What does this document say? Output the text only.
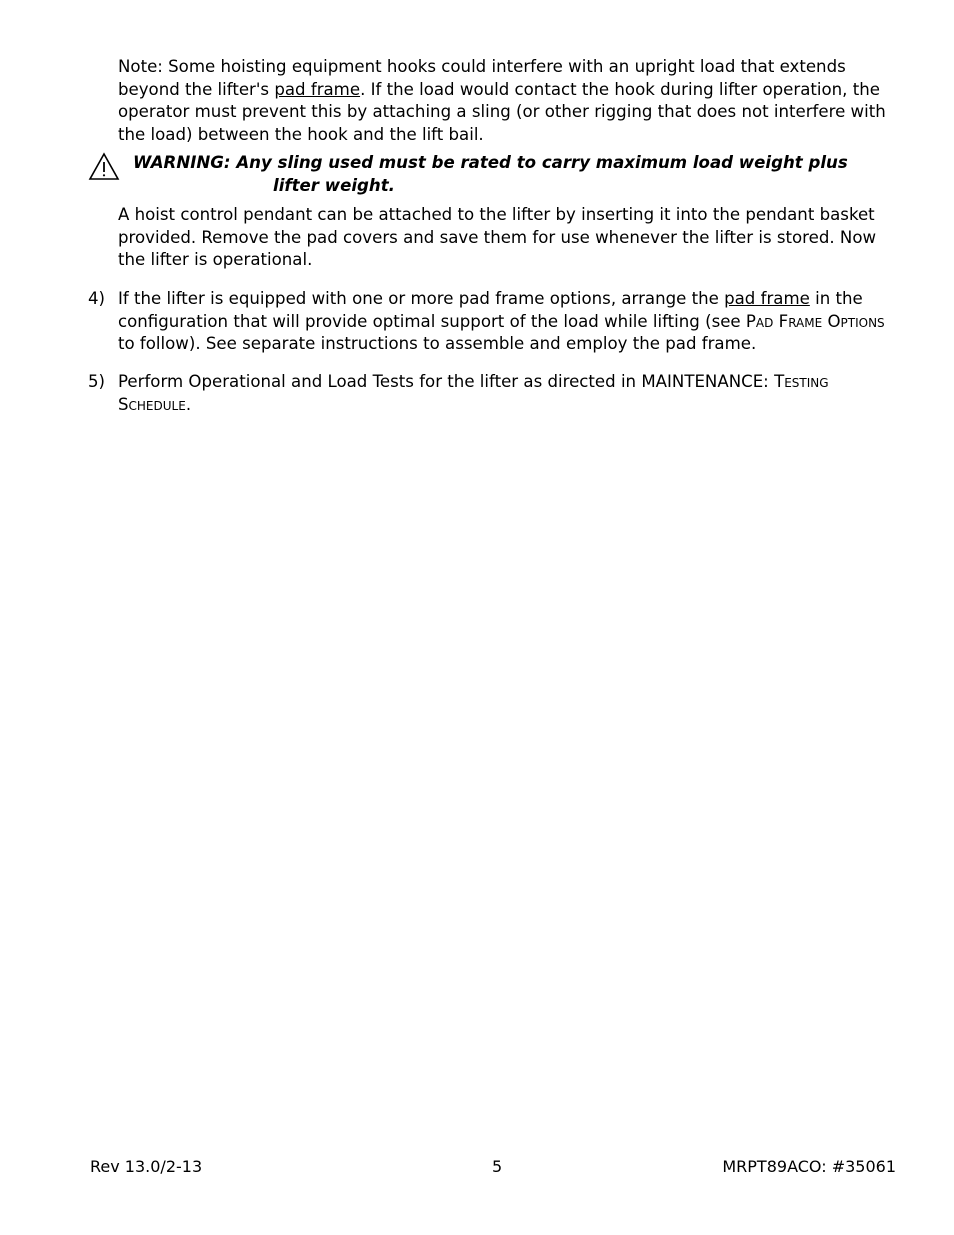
Note: Some hoisting equipment hooks could interfere with an upright load that extends beyond the lifter's pad frame. If the load would contact the hook during lifter operation, the operator must prevent this by attaching a sling (or other rigging that does not interfere with the load) between the hook and the lift bail.

WARNING: Any sling used must be rated to carry maximum load weight plus
lifter weight.

A hoist control pendant can be attached to the lifter by inserting it into the pendant basket provided. Remove the pad covers and save them for use whenever the lifter is stored. Now the lifter is operational.

4) If the lifter is equipped with one or more pad frame options, arrange the pad frame in the configuration that will provide optimal support of the load while lifting (see Pad Frame Options to follow). See separate instructions to assemble and employ the pad frame.
5) Perform Operational and Load Tests for the lifter as directed in MAINTENANCE: Testing Schedule.
Rev 13.0/2-13	5	MRPT89ACO: #35061
